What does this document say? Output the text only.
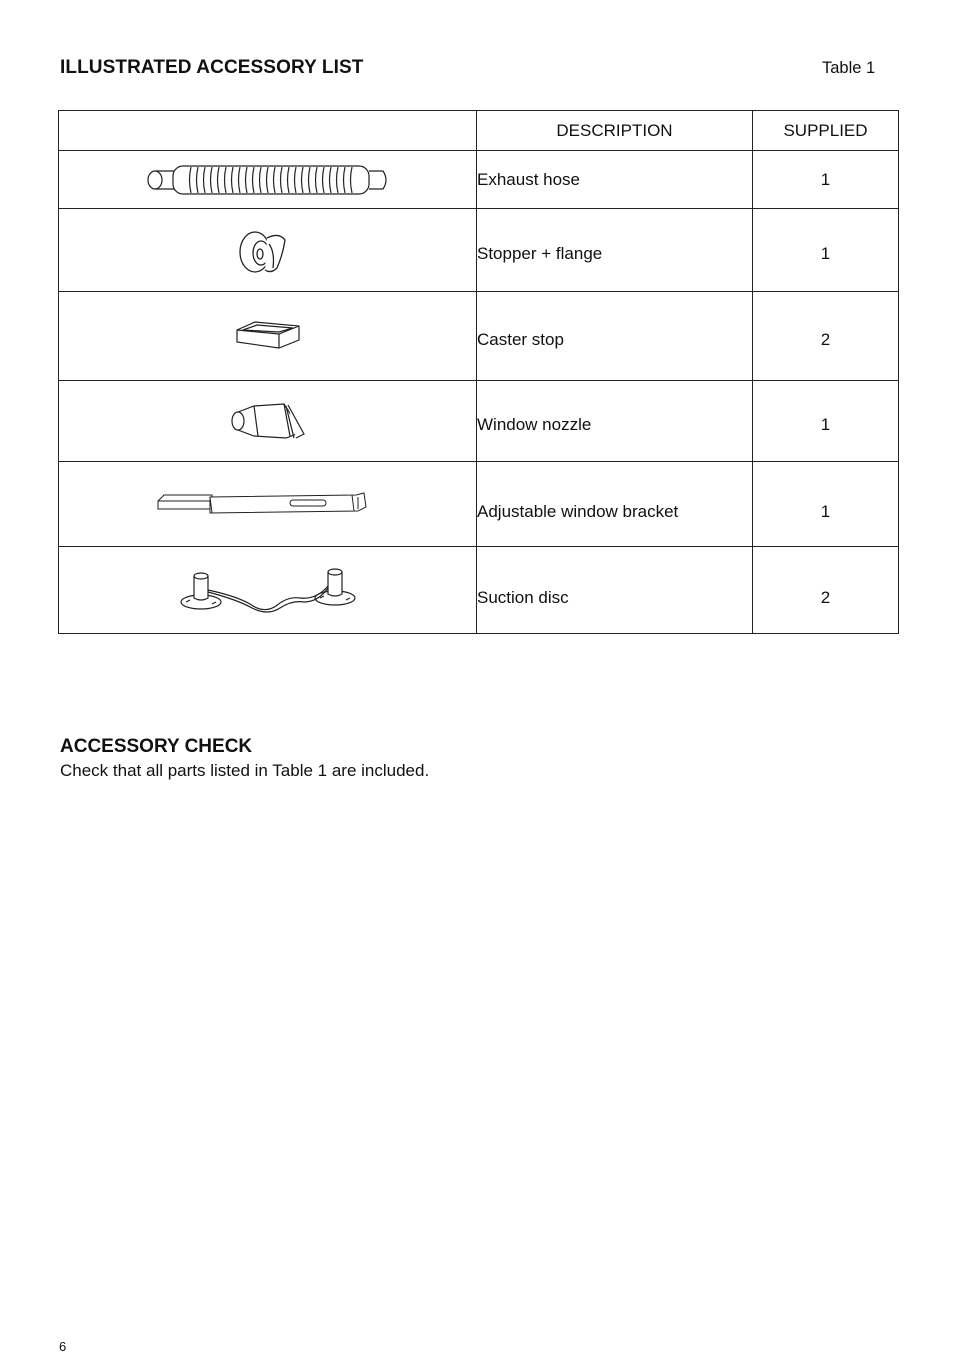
ILLUSTRATED ACCESSORY LIST	Table 1
	DESCRIPTION	SUPPLIED

	Exhaust hose	1

	Stopper + flange	1

	Caster stop	2

	Window nozzle	1

	Adjustable window bracket	1

	Suction disc	2
ACCESSORY CHECK
Check that all parts listed in Table 1 are included.
6
